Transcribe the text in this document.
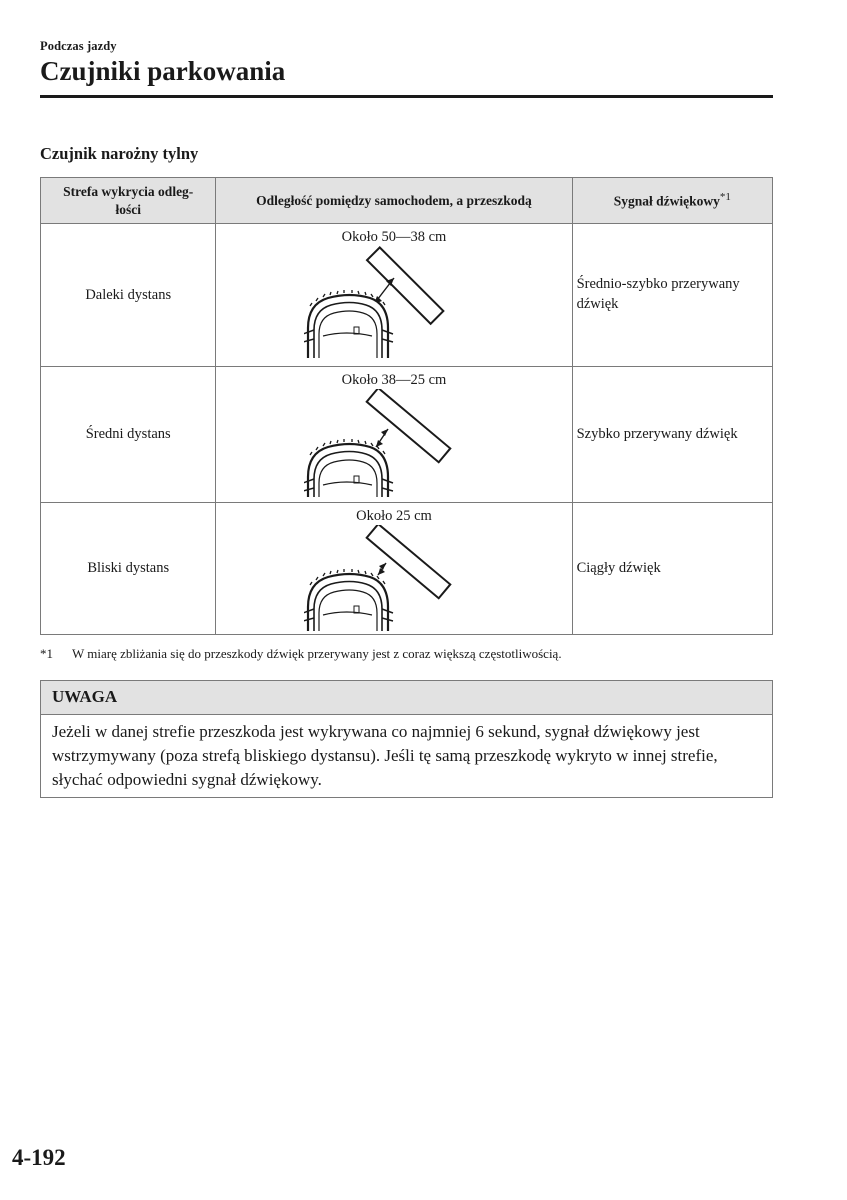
Podczas jazdy
Czujniki parkowania
Czujnik narożny tylny
Strefa wykrycia odleg-
łości	Odległość pomiędzy samochodem, a przeszkodą	Sygnał dźwiękowy$^{*1}$
Daleki dystans	Około 50―38 cm	Średnio-szybko przerywany dźwięk
Średni dystans	Około 38―25 cm	Szybko przerywany dźwięk
Bliski dystans	Około 25 cm	Ciągły dźwięk
*1 W miarę zbliżania się do przeszkody dźwięk przerywany jest z coraz większą częstotliwością.
UWAGA
Jeżeli w danej strefie przeszkoda jest wykrywana co najmniej 6 sekund, sygnał dźwiękowy jest wstrzymywany (poza strefą bliskiego dystansu). Jeśli tę samą przeszkodę wykryto w innej strefie, słychać odpowiedni sygnał dźwiękowy.
4-192
